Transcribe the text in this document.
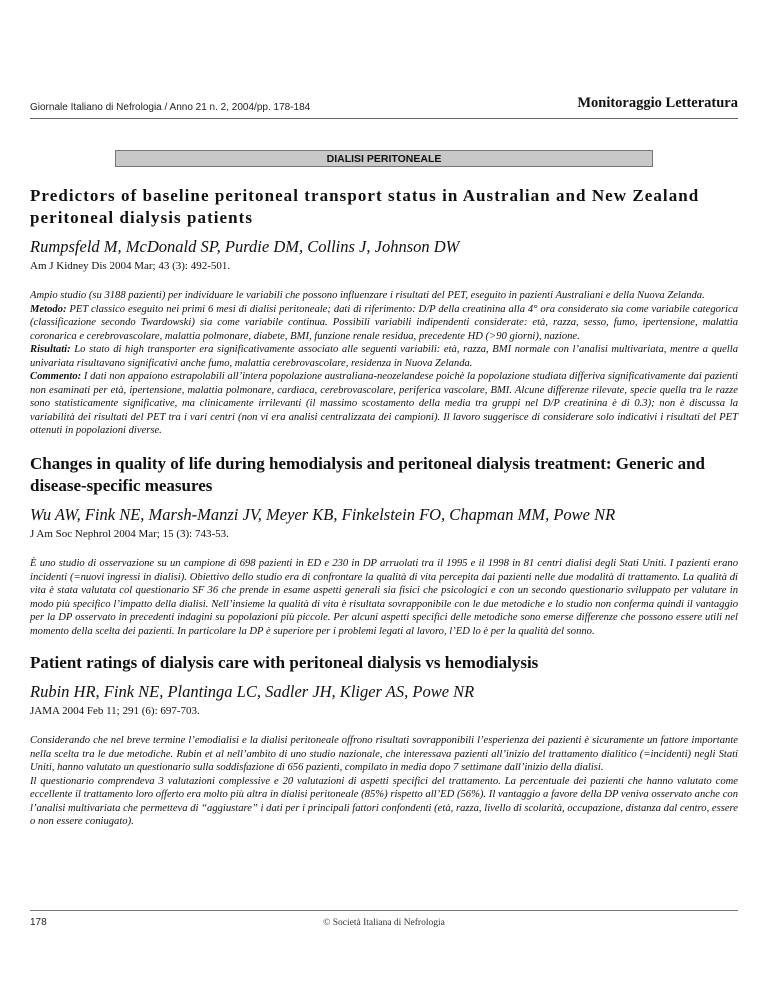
Giornale Italiano di Nefrologia / Anno 21 n. 2, 2004/pp. 178-184	Monitoraggio Letteratura
DIALISI PERITONEALE
Predictors of baseline peritoneal transport status in Australian and New Zealand peritoneal dialysis patients
Rumpsfeld M, McDonald SP, Purdie DM, Collins J, Johnson DW
Am J Kidney Dis 2004 Mar; 43 (3): 492-501.

Ampio studio (su 3188 pazienti) per individuare le variabili che possono influenzare i risultati del PET, eseguito in pazienti Australiani e della Nuova Zelanda.

Metodo: PET classico eseguito nei primi 6 mesi di dialisi peritoneale; dati di riferimento: D/P della creatinina alla 4° ora considerato sia come variabile categorica (classificazione secondo Twardowski) sia come variabile continua. Possibili variabili indipendenti considerate: età, razza, sesso, fumo, ipertensione, malattia coronarica e cerebrovascolare, malattia polmonare, diabete, BMI, funzione renale residua, precedente HD (>90 giorni), nazione.

Risultati: Lo stato di high transporter era significativamente associato alle seguenti variabili: età, razza, BMI normale con l’analisi multivariata, mentre a quella univariata risultavano significativi anche fumo, malattia cerebrovascolare, residenza in Nuova Zelanda.

Commento: I dati non appaiono estrapolabili all’intera popolazione australiana-neozelandese poichè la popolazione studiata differiva significativamente dai pazienti non esaminati per età, ipertensione, malattia polmonare, cardiaca, cerebrovascolare, periferica vascolare, BMI. Alcune differenze rilevate, specie quella tra le razze sono statisticamente significative, ma clinicamente irrilevanti (il massimo scostamento della media tra gruppi nel D/P creatinina è di 0.3); non è discussa la variabilità dei risultati del PET tra i vari centri (non vi era analisi centralizzata dei campioni). Il lavoro suggerisce di considerare solo indicativi i risultati del PET ottenuti in popolazioni diverse.

Changes in quality of life during hemodialysis and peritoneal dialysis treatment: Generic and disease-specific measures
Wu AW, Fink NE, Marsh-Manzi JV, Meyer KB, Finkelstein FO, Chapman MM, Powe NR
J Am Soc Nephrol 2004 Mar; 15 (3): 743-53.

È uno studio di osservazione su un campione di 698 pazienti in ED e 230 in DP arruolati tra il 1995 e il 1998 in 81 centri dialisi degli Stati Uniti. I pazienti erano incidenti (=nuovi ingressi in dialisi). Obiettivo dello studio era di confrontare la qualità di vita percepita dai pazienti nelle due modalità di trattamento. La qualità di vita è stata valutata col questionario SF 36 che prende in esame aspetti generali sia fisici che psicologici e con un secondo questionario sviluppato per valutare in modo più specifico l’impatto della dialisi. Nell’insieme la qualità di vita è risultata sovrapponibile con le due metodiche e lo studio non conferma quindi il vantaggio per la DP osservato in precedenti indagini su popolazioni più piccole. Per alcuni aspetti specifici delle metodiche sono emerse differenze che possono essere utili nel momento della scelta dei pazienti. In particolare la DP è superiore per i problemi legati al lavoro, l’ED lo è per la qualità del sonno.

Patient ratings of dialysis care with peritoneal dialysis vs hemodialysis
Rubin HR, Fink NE, Plantinga LC, Sadler JH, Kliger AS, Powe NR
JAMA 2004 Feb 11; 291 (6): 697-703.

Considerando che nel breve termine l’emodialisi e la dialisi peritoneale offrono risultati sovrapponibili l’esperienza dei pazienti è sicuramente un fattore importante nella scelta tra le due metodiche. Rubin et al nell’ambito di uno studio nazionale, che interessava pazienti all’inizio del trattamento dialitico (=incidenti) negli Stati Uniti, hanno valutato un questionario sulla soddisfazione di 656 pazienti, compilato in media dopo 7 settimane dall’inizio della dialisi.

Il questionario comprendeva 3 valutazioni complessive e 20 valutazioni di aspetti specifici del trattamento. La percentuale dei pazienti che hanno valutato come eccellente il trattamento loro offerto era molto più altra in dialisi peritoneale (85%) rispetto all’ED (56%). Il vantaggio a favore della DP veniva osservato anche con l’analisi multivariata che permetteva di “aggiustare” i dati per i principali fattori confondenti (età, razza, livello di scolarità, occupazione, distanza dal centro, essere o non essere coniugato).

178	© Società Italiana di Nefrologia
